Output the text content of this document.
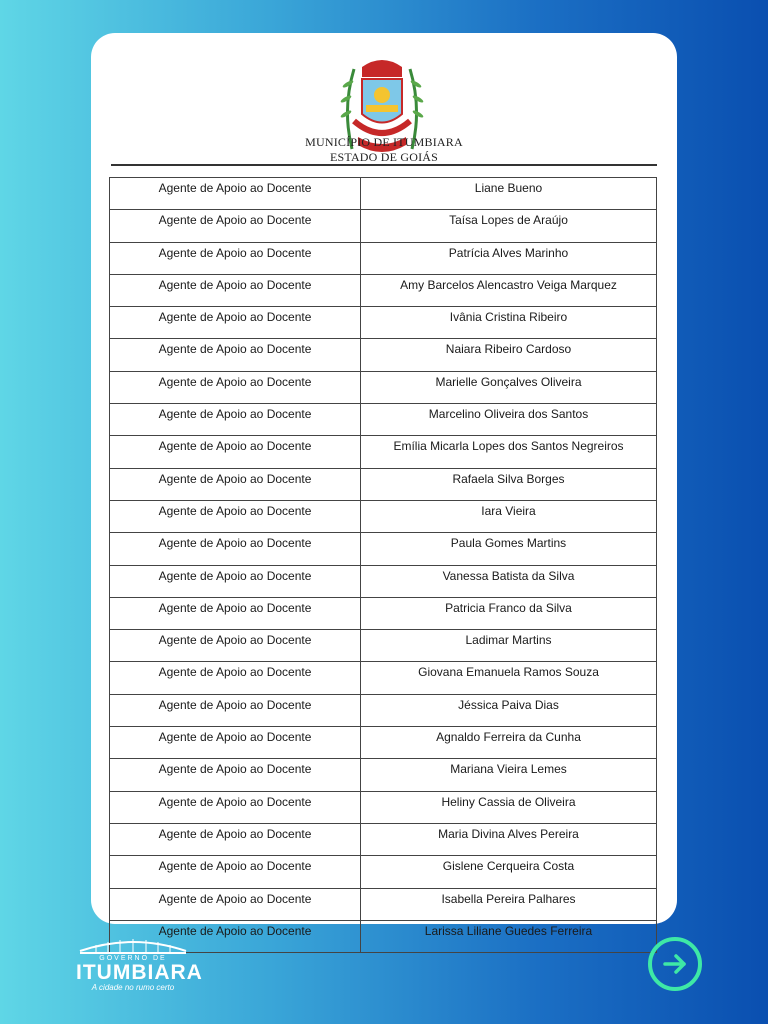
MUNICÍPIO DE ITUMBIARA
ESTADO DE GOIÁS
Agente de Apoio ao Docente	Liane Bueno
Agente de Apoio ao Docente	Taísa Lopes de Araújo
Agente de Apoio ao Docente	Patrícia Alves Marinho
Agente de Apoio ao Docente	Amy Barcelos Alencastro Veiga Marquez
Agente de Apoio ao Docente	Ivânia Cristina Ribeiro
Agente de Apoio ao Docente	Naiara Ribeiro Cardoso
Agente de Apoio ao Docente	Marielle Gonçalves Oliveira
Agente de Apoio ao Docente	Marcelino Oliveira dos Santos
Agente de Apoio ao Docente	Emília Micarla Lopes dos Santos Negreiros
Agente de Apoio ao Docente	Rafaela Silva Borges
Agente de Apoio ao Docente	Iara Vieira
Agente de Apoio ao Docente	Paula Gomes Martins
Agente de Apoio ao Docente	Vanessa Batista da Silva
Agente de Apoio ao Docente	Patricia Franco da Silva
Agente de Apoio ao Docente	Ladimar Martins
Agente de Apoio ao Docente	Giovana Emanuela Ramos Souza
Agente de Apoio ao Docente	Jéssica Paiva Dias
Agente de Apoio ao Docente	Agnaldo Ferreira da Cunha
Agente de Apoio ao Docente	Mariana Vieira Lemes
Agente de Apoio ao Docente	Heliny Cassia de Oliveira
Agente de Apoio ao Docente	Maria Divina Alves Pereira
Agente de Apoio ao Docente	Gislene Cerqueira Costa
Agente de Apoio ao Docente	Isabella Pereira Palhares
Agente de Apoio ao Docente	Larissa Liliane Guedes Ferreira
GOVERNO DE
ITUMBIARA
A cidade no rumo certo
